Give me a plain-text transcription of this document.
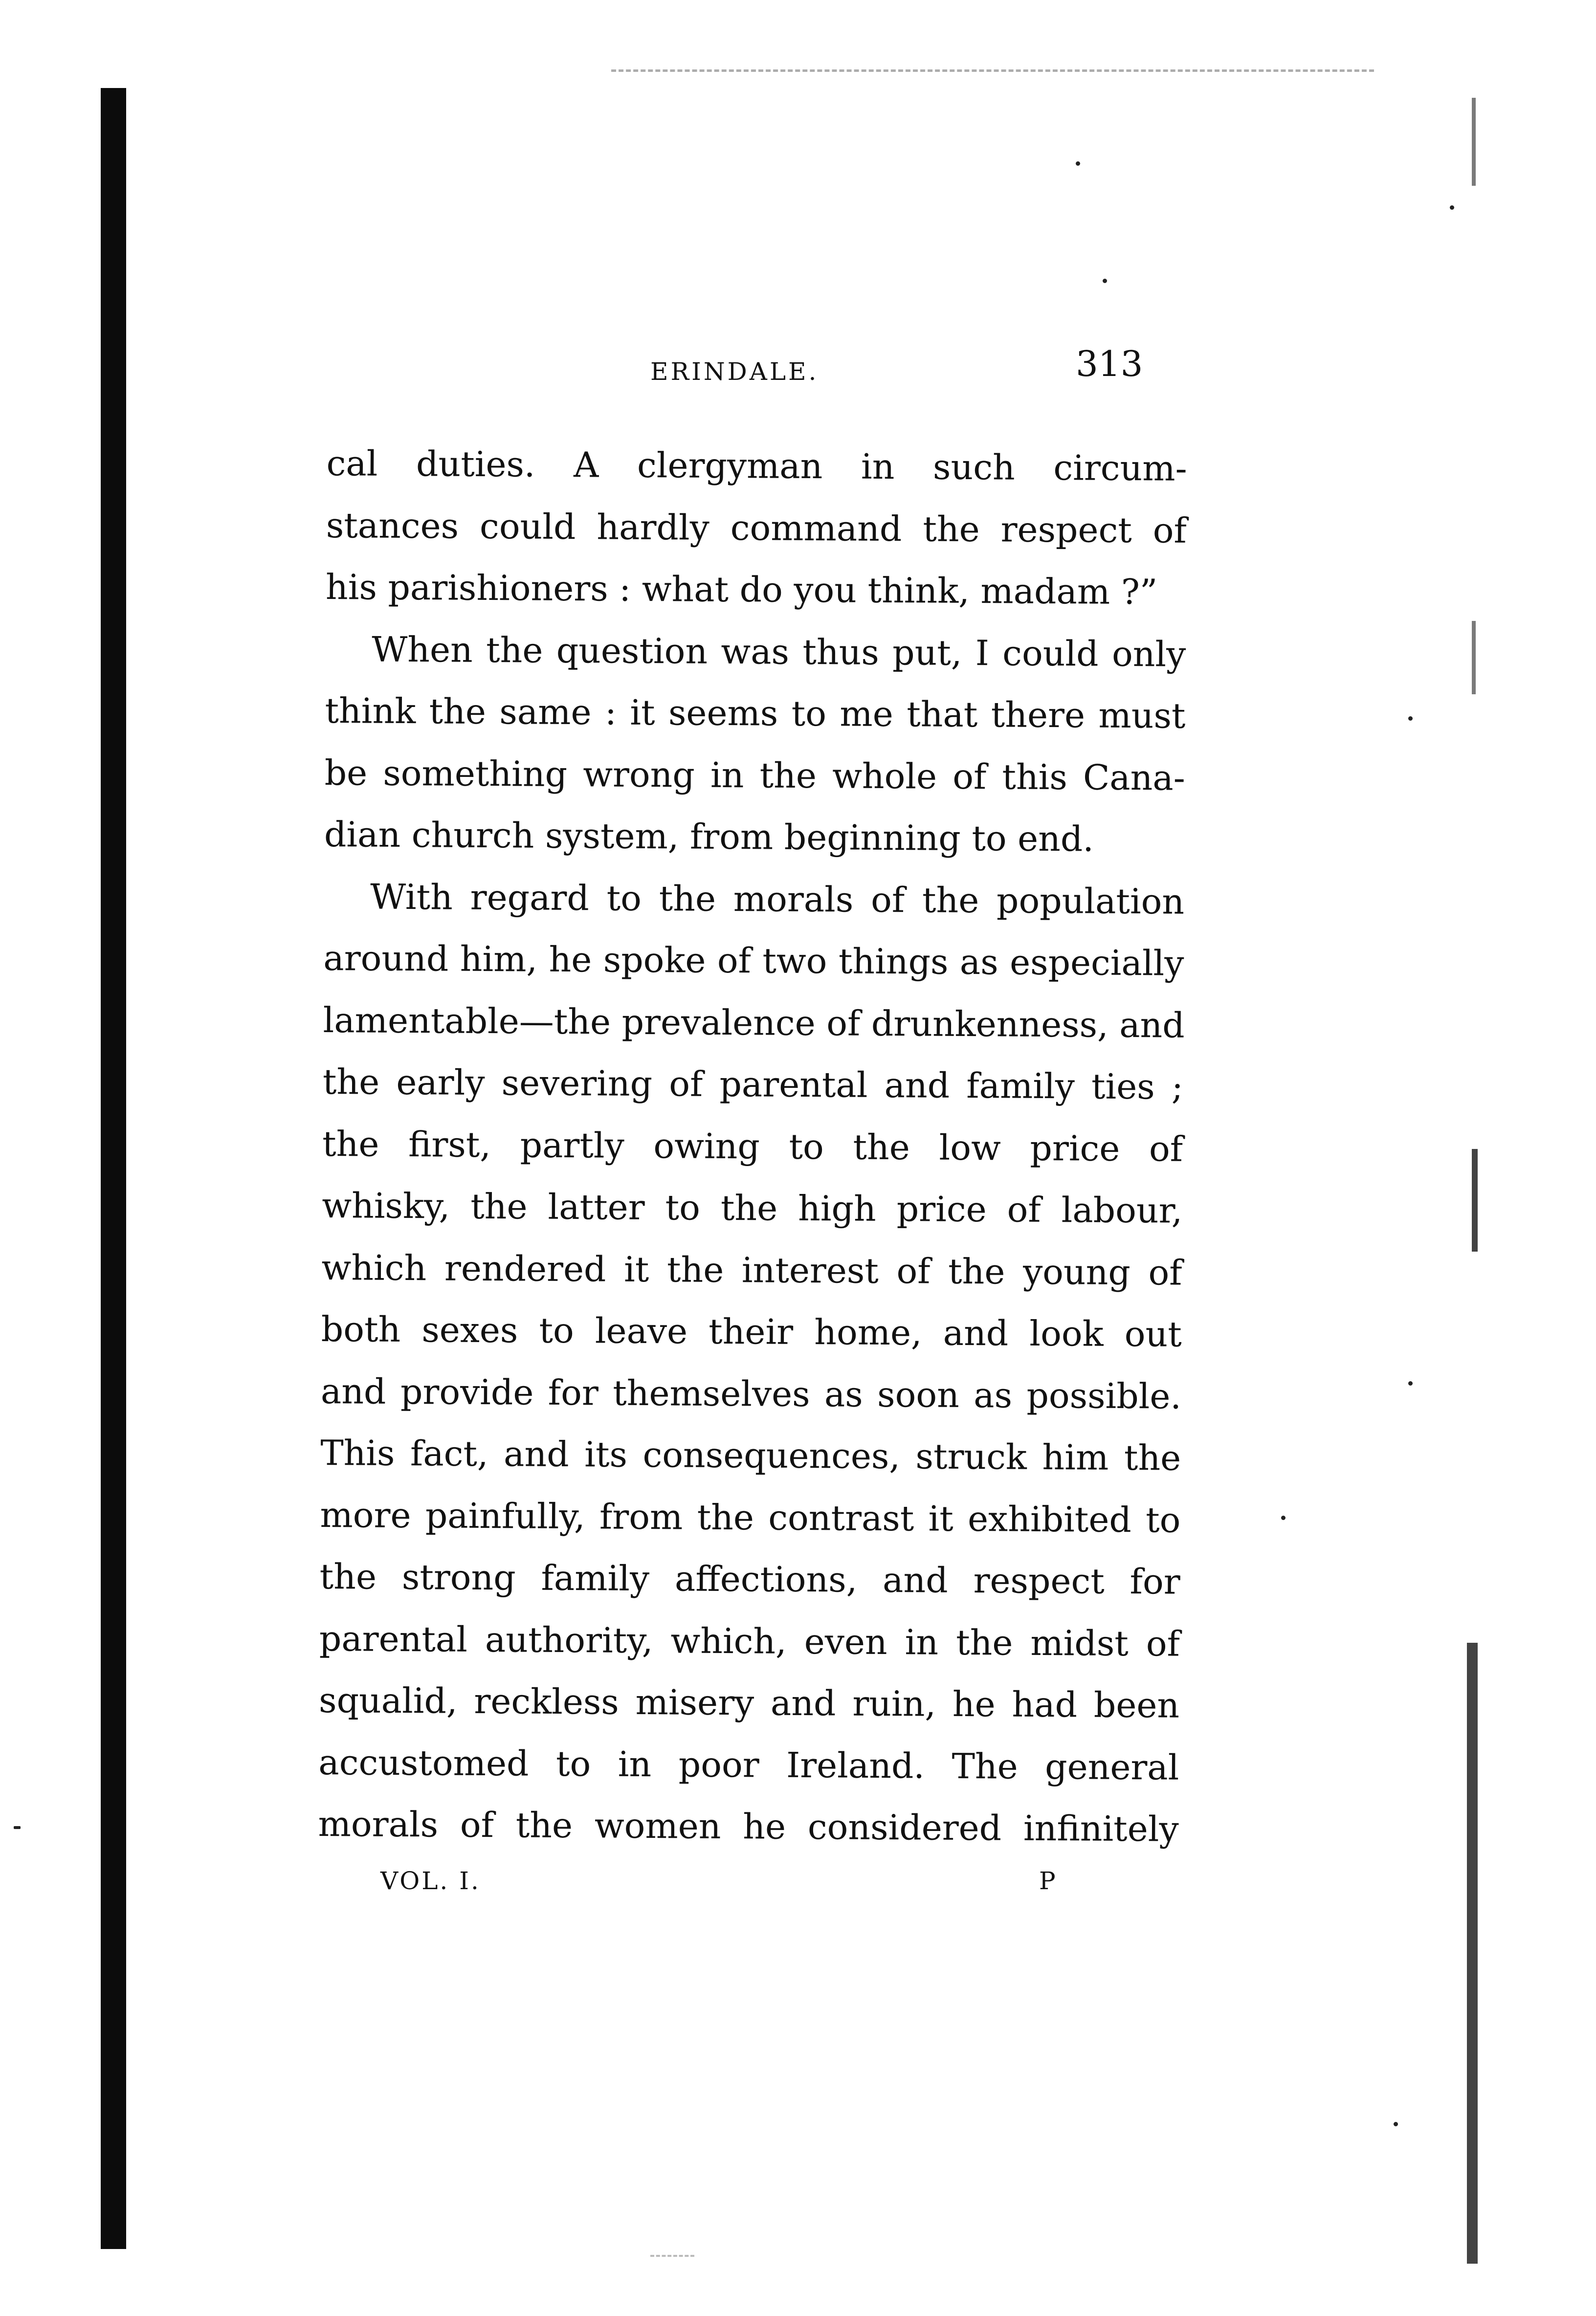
ERINDALE.	313
cal duties. A clergyman in such circum-
stances could hardly command the respect of
his parishioners : what do you think, madam ?”
When the question was thus put, I could only
think the same : it seems to me that there must
be something wrong in the whole of this Cana-
dian church system, from beginning to end.
With regard to the morals of the population
around him, he spoke of two things as especially
lamentable—the prevalence of drunkenness, and
the early severing of parental and family ties ;
the first, partly owing to the low price of
whisky, the latter to the high price of labour,
which rendered it the interest of the young of
both sexes to leave their home, and look out
and provide for themselves as soon as possible.
This fact, and its consequences, struck him the
more painfully, from the contrast it exhibited to
the strong family affections, and respect for
parental authority, which, even in the midst of
squalid, reckless misery and ruin, he had been
accustomed to in poor Ireland. The general
morals of the women he considered infinitely
VOL. I.	P
